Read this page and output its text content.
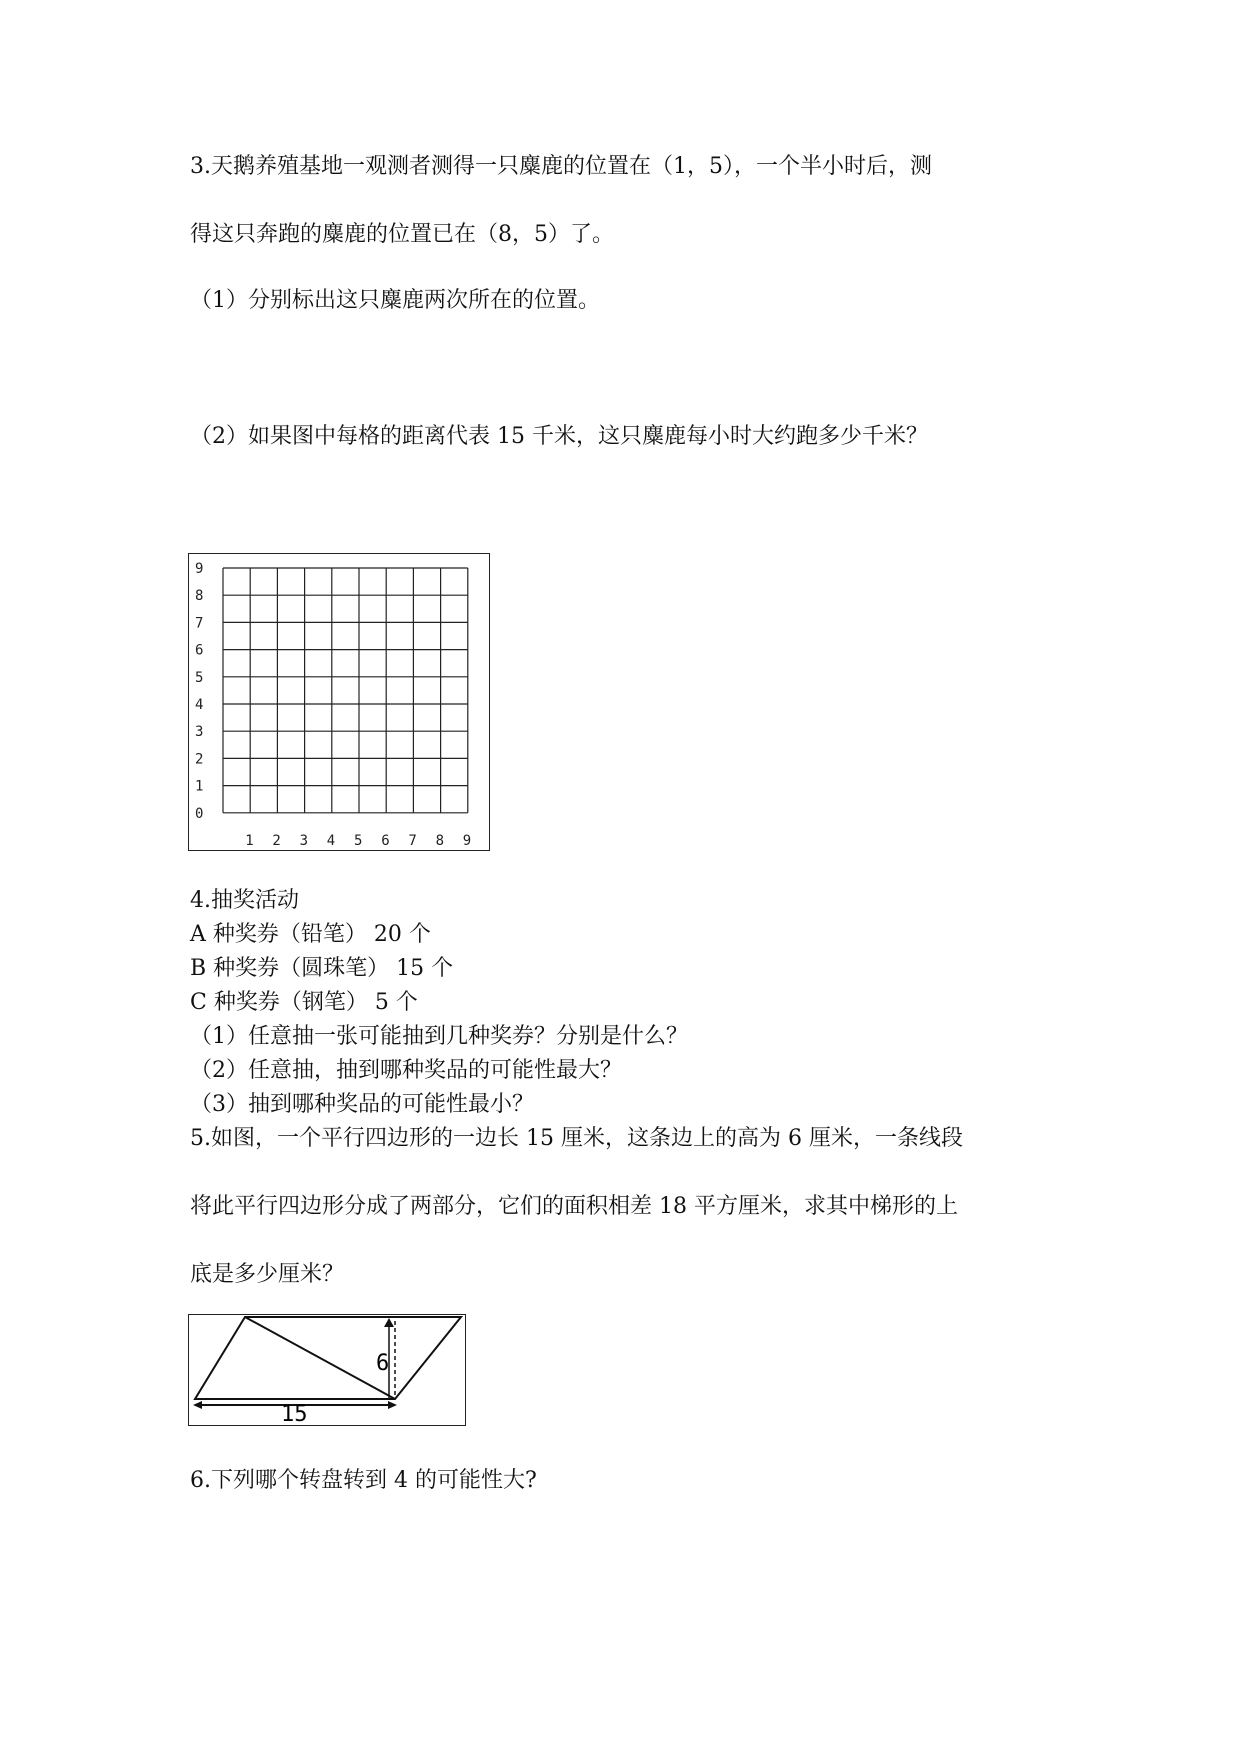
3.天鹅养殖基地一观测者测得一只麋鹿的位置在（1，5），一个半小时后，测
得这只奔跑的麋鹿的位置已在（8，5）了。
（1）分别标出这只麋鹿两次所在的位置。
（2）如果图中每格的距离代表 15 千米，这只麋鹿每小时大约跑多少千米？
1 2 3 4 5 6 7 8 9
0
1
2
3
4
5
6
7
8
9
4.抽奖活动
A 种奖券（铅笔） 20 个
B 种奖券（圆珠笔） 15 个
C 种奖券（钢笔） 5 个
（1）任意抽一张可能抽到几种奖券？分别是什么？
（2）任意抽，抽到哪种奖品的可能性最大？
（3）抽到哪种奖品的可能性最小？
5.如图，一个平行四边形的一边长 15 厘米，这条边上的高为 6 厘米，一条线段
将此平行四边形分成了两部分，它们的面积相差 18 平方厘米，求其中梯形的上
底是多少厘米？
6
15
6.下列哪个转盘转到 4 的可能性大?
